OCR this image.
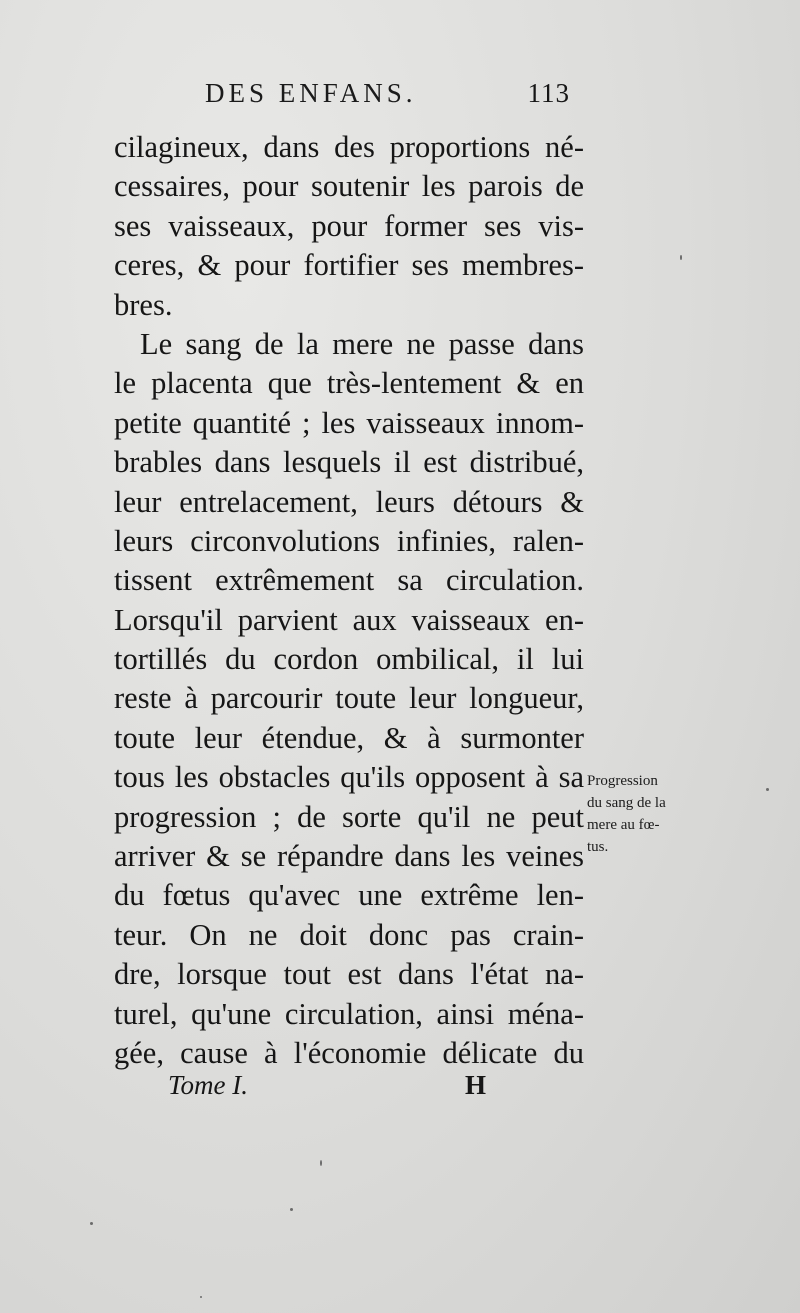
DES ENFANS.	113
cilagineux, dans des proportions né-
cessaires, pour soutenir les parois de
ses vaisseaux, pour former ses vis-
ceres, & pour fortifier ses membres-
bres.
Le sang de la mere ne passe dans
le placenta que très-lentement & en
petite quantité ; les vaisseaux innom-
brables dans lesquels il est distribué,
leur entrelacement, leurs détours &
leurs circonvolutions infinies, ralen-
tissent extrêmement sa circulation.
Lorsqu'il parvient aux vaisseaux en-
tortillés du cordon ombilical, il lui
reste à parcourir toute leur longueur,
toute leur étendue, & à surmonter
tous les obstacles qu'ils opposent à sa
progression ; de sorte qu'il ne peut
arriver & se répandre dans les veines
du fœtus qu'avec une extrême len-
teur. On ne doit donc pas crain-
dre, lorsque tout est dans l'état na-
turel, qu'une circulation, ainsi ména-
gée, cause à l'économie délicate du
Progression
du sang de la
mere au fœ-
tus.
Tome I.	H
